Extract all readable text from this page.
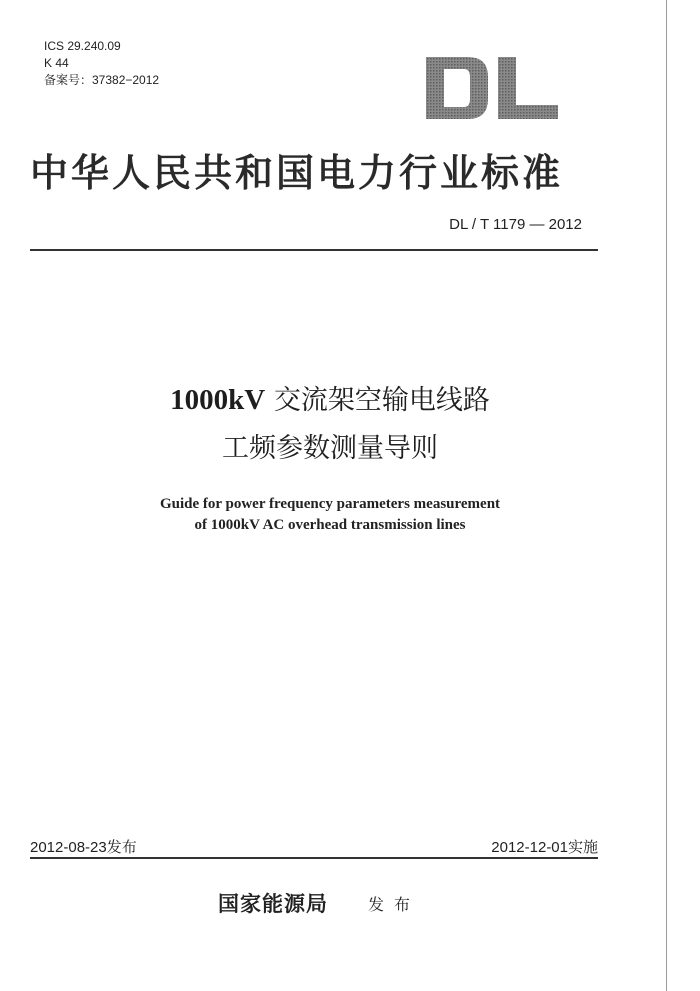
ICS 29.240.09
K 44
备案号：37382−2012
中华人民共和国电力行业标准
DL / T 1179 — 2012
1000kV 交流架空输电线路
工频参数测量导则
Guide for power frequency parameters measurement
of 1000kV AC overhead transmission lines
2012-08-23发布	2012-12-01实施
国家能源局	发布
